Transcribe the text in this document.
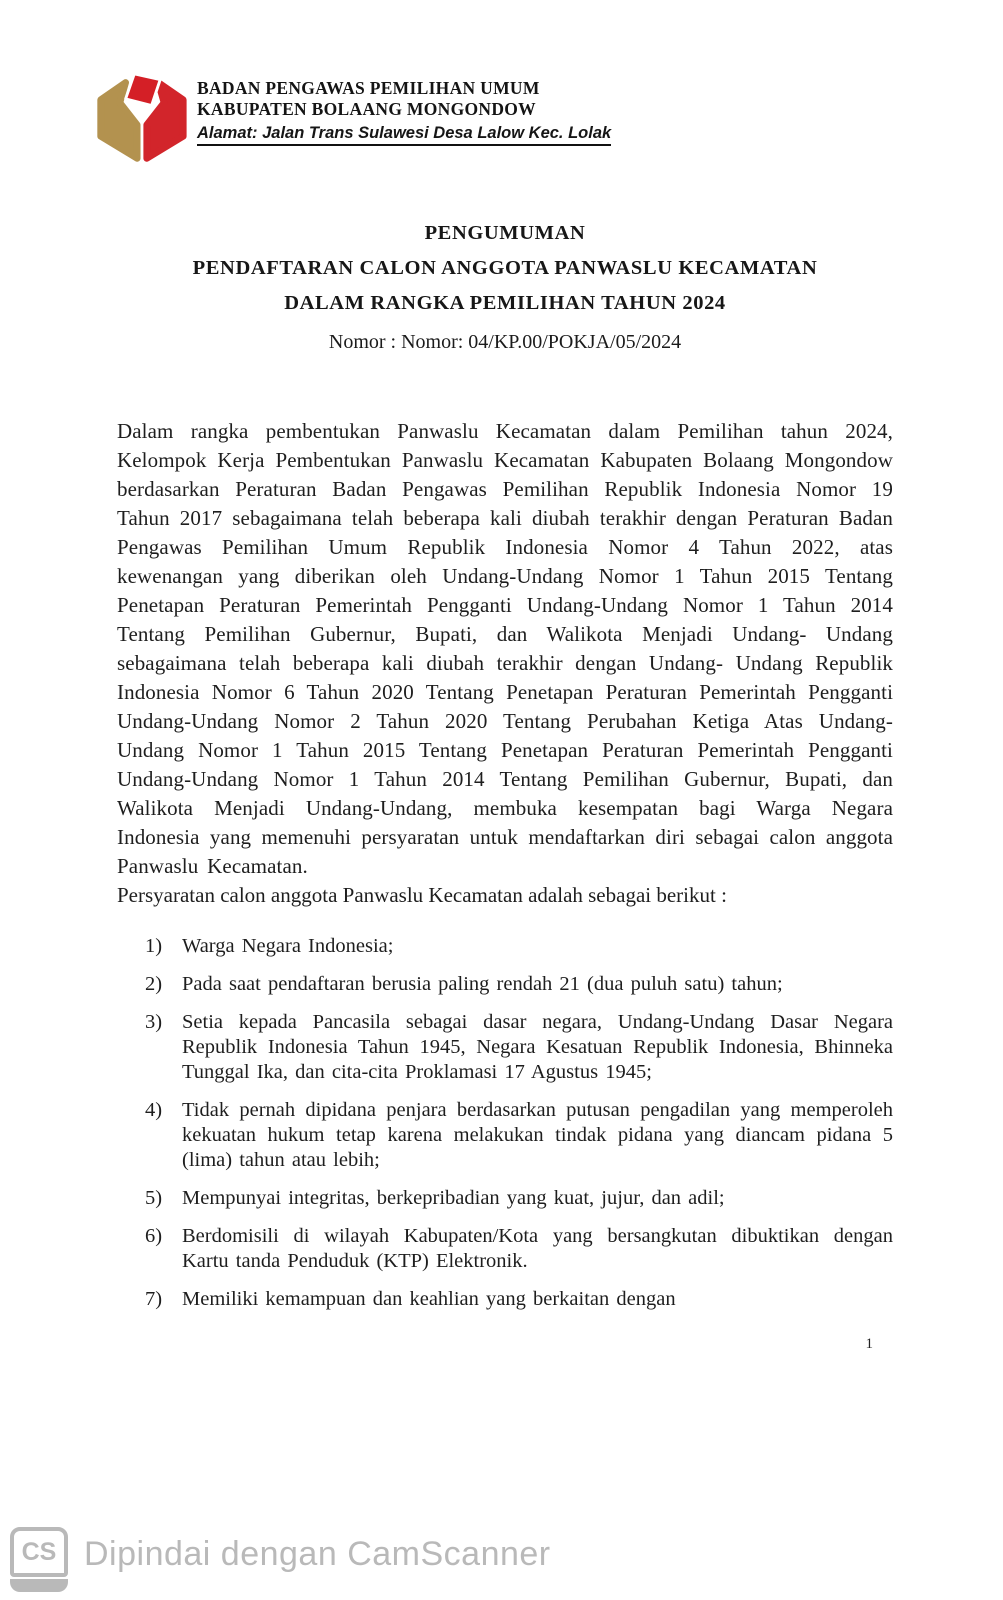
BADAN PENGAWAS PEMILIHAN UMUM
KABUPATEN BOLAANG MONGONDOW
Alamat: Jalan Trans Sulawesi Desa Lalow Kec. Lolak
PENGUMUMAN
PENDAFTARAN CALON ANGGOTA PANWASLU KECAMATAN
DALAM RANGKA PEMILIHAN TAHUN 2024
Nomor : Nomor: 04/KP.00/POKJA/05/2024

Dalam rangka pembentukan Panwaslu Kecamatan dalam Pemilihan tahun 2024, Kelompok Kerja Pembentukan Panwaslu Kecamatan Kabupaten Bolaang Mongondow berdasarkan Peraturan Badan Pengawas Pemilihan Republik Indonesia Nomor 19 Tahun 2017 sebagaimana telah beberapa kali diubah terakhir dengan Peraturan Badan Pengawas Pemilihan Umum Republik Indonesia Nomor 4 Tahun 2022, atas kewenangan yang diberikan oleh Undang-Undang Nomor 1 Tahun 2015 Tentang Penetapan Peraturan Pemerintah Pengganti Undang-Undang Nomor 1 Tahun 2014 Tentang Pemilihan Gubernur, Bupati, dan Walikota Menjadi Undang- Undang sebagaimana telah beberapa kali diubah terakhir dengan Undang- Undang Republik Indonesia Nomor 6 Tahun 2020 Tentang Penetapan Peraturan Pemerintah Pengganti Undang-Undang Nomor 2 Tahun 2020 Tentang Perubahan Ketiga Atas Undang-Undang Nomor 1 Tahun 2015 Tentang Penetapan Peraturan Pemerintah Pengganti Undang-Undang Nomor 1 Tahun 2014 Tentang Pemilihan Gubernur, Bupati, dan Walikota Menjadi Undang-Undang, membuka kesempatan bagi Warga Negara Indonesia yang memenuhi persyaratan untuk mendaftarkan diri sebagai calon anggota Panwaslu Kecamatan.

Persyaratan calon anggota Panwaslu Kecamatan adalah sebagai berikut :

1) Warga Negara Indonesia;
2) Pada saat pendaftaran berusia paling rendah 21 (dua puluh satu) tahun;
3) Setia kepada Pancasila sebagai dasar negara, Undang-Undang Dasar Negara Republik Indonesia Tahun 1945, Negara Kesatuan Republik Indonesia, Bhinneka Tunggal Ika, dan cita-cita Proklamasi 17 Agustus 1945;
4) Tidak pernah dipidana penjara berdasarkan putusan pengadilan yang memperoleh kekuatan hukum tetap karena melakukan tindak pidana yang diancam pidana 5 (lima) tahun atau lebih;
5) Mempunyai integritas, berkepribadian yang kuat, jujur, dan adil;
6) Berdomisili di wilayah Kabupaten/Kota yang bersangkutan dibuktikan dengan Kartu tanda Penduduk (KTP) Elektronik.
7) Memiliki kemampuan dan keahlian yang berkaitan dengan
1
CS Dipindai dengan CamScanner
